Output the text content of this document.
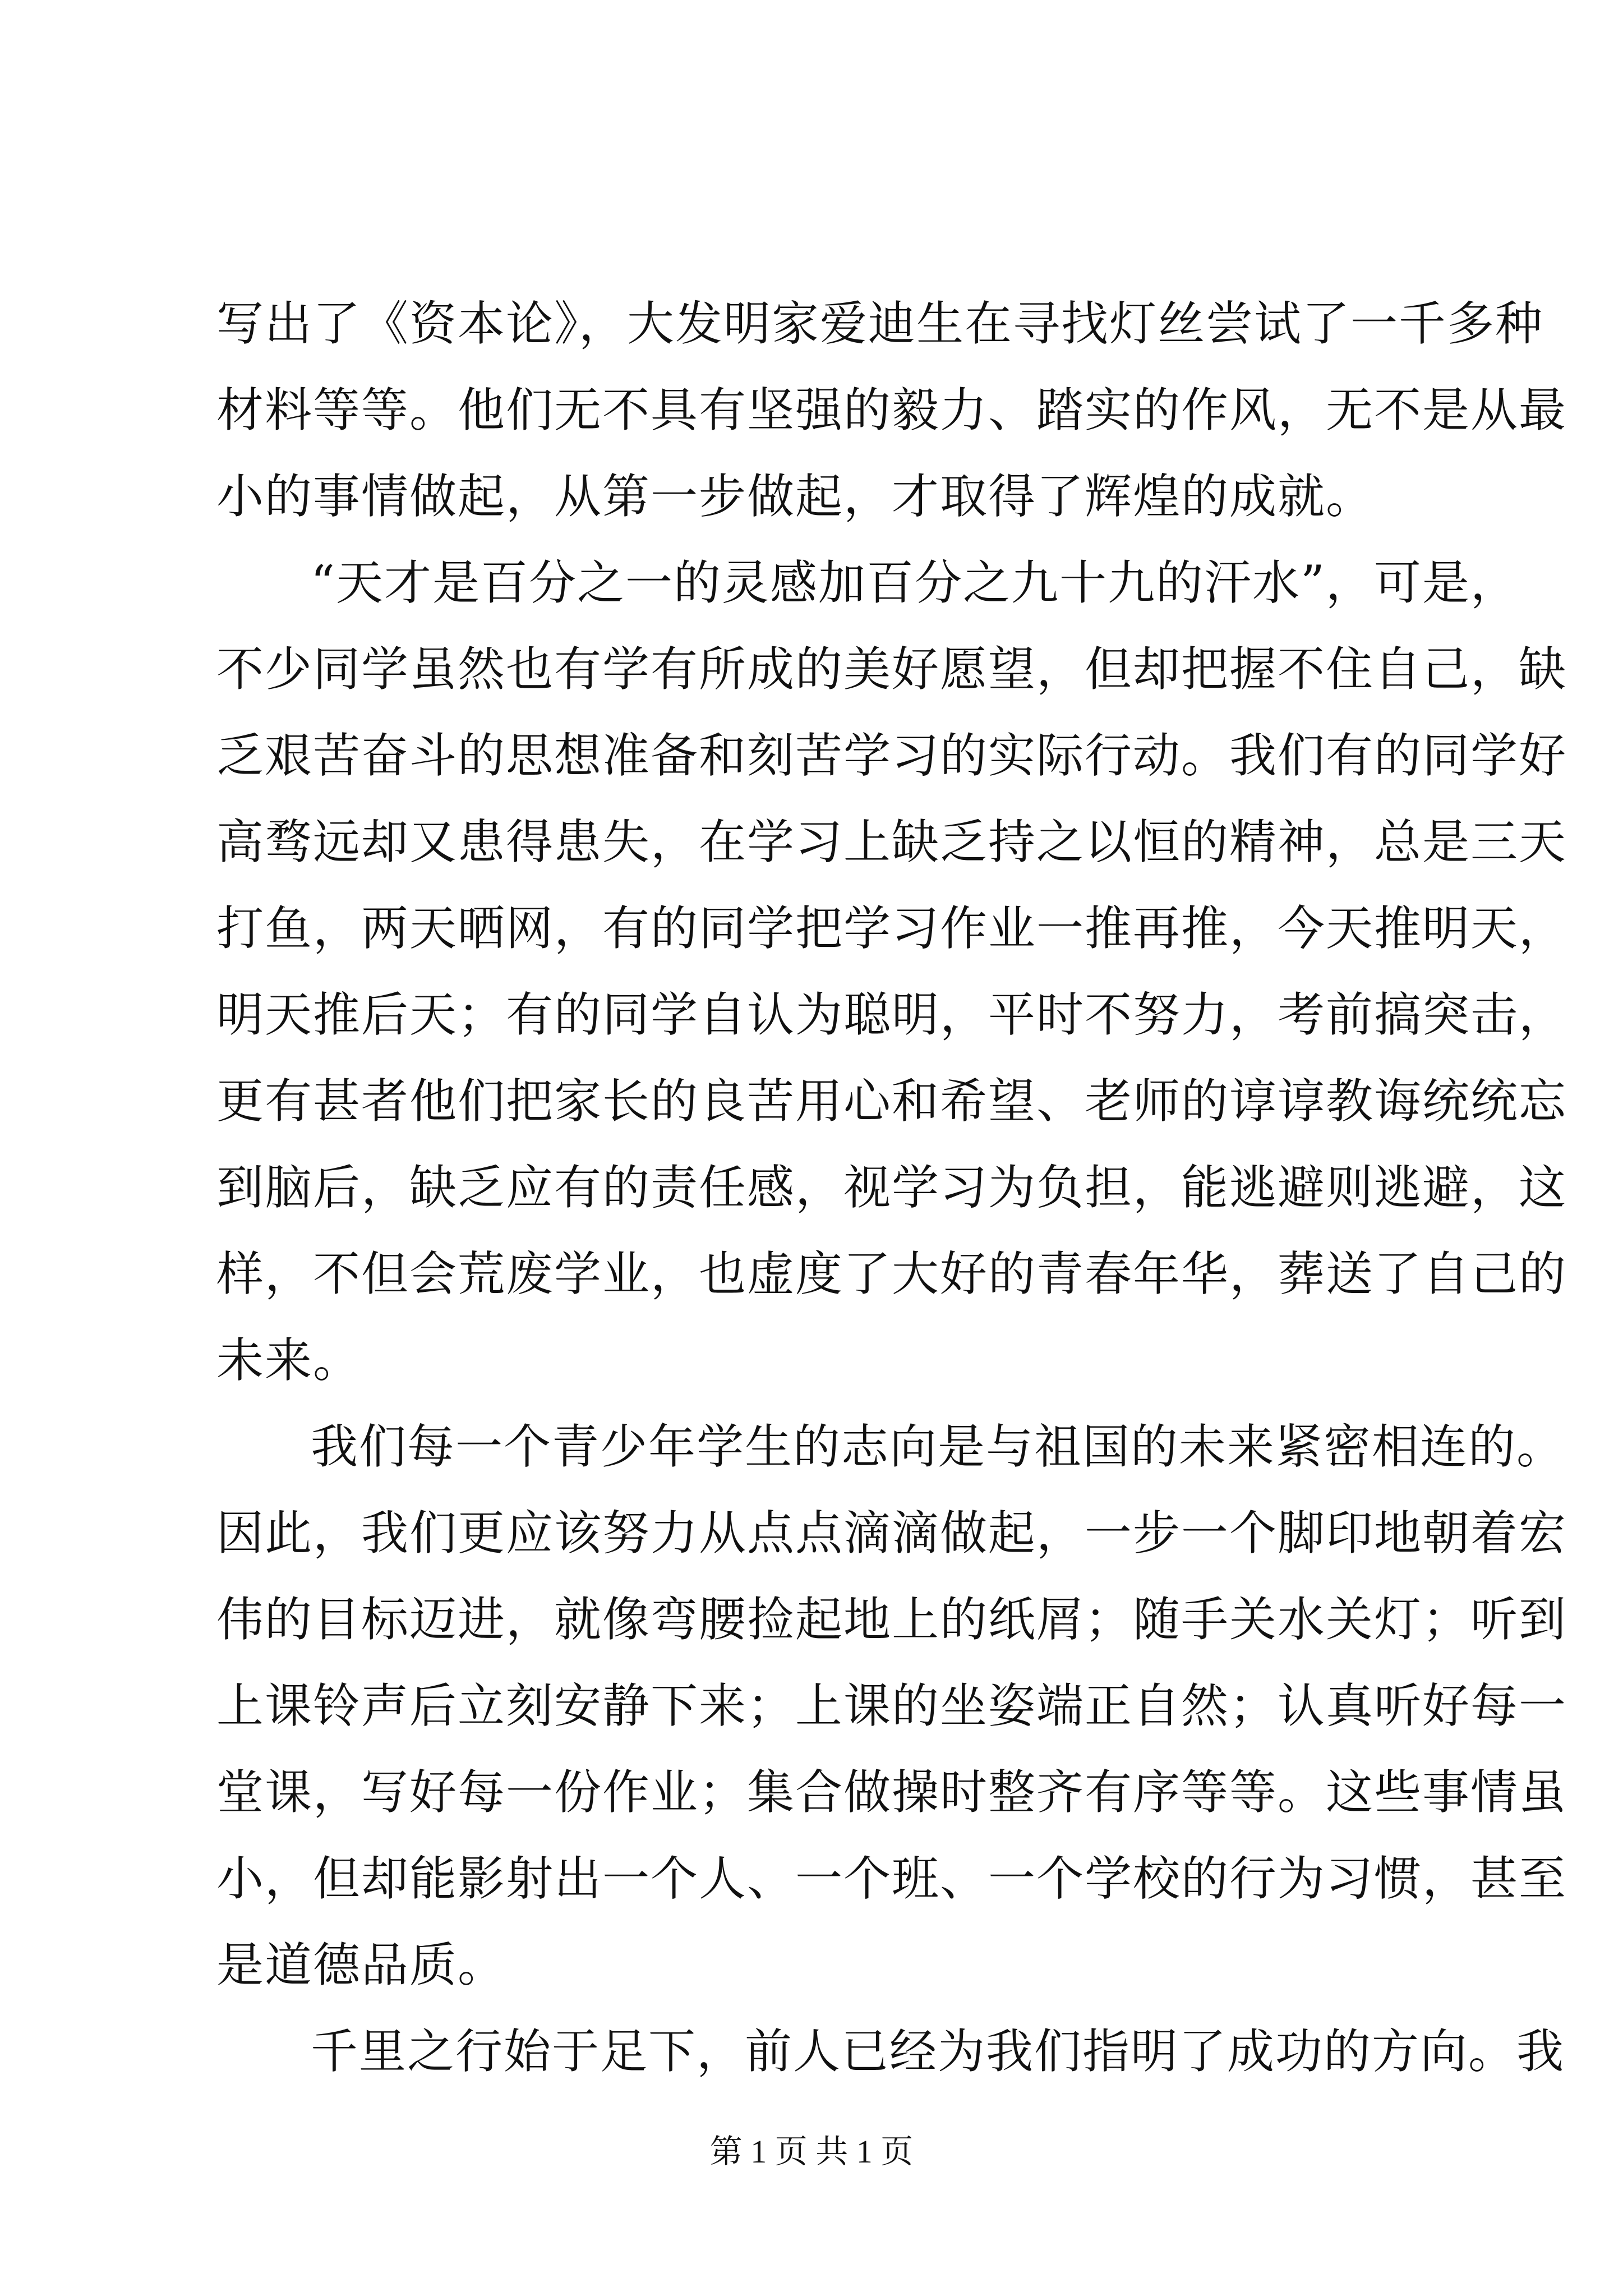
写出了《资本论》，大发明家爱迪生在寻找灯丝尝试了一千多种
材料等等。他们无不具有坚强的毅力、踏实的作风，无不是从最
小的事情做起，从第一步做起，才取得了辉煌的成就。

“天才是百分之一的灵感加百分之九十九的汗水”，可是，
不少同学虽然也有学有所成的美好愿望，但却把握不住自己，缺
乏艰苦奋斗的思想准备和刻苦学习的实际行动。我们有的同学好
高骛远却又患得患失，在学习上缺乏持之以恒的精神，总是三天
打鱼，两天晒网，有的同学把学习作业一推再推，今天推明天，
明天推后天；有的同学自认为聪明，平时不努力，考前搞突击，
更有甚者他们把家长的良苦用心和希望、老师的谆谆教诲统统忘
到脑后，缺乏应有的责任感，视学习为负担，能逃避则逃避，这
样，不但会荒废学业，也虚度了大好的青春年华，葬送了自己的
未来。

我们每一个青少年学生的志向是与祖国的未来紧密相连的。
因此，我们更应该努力从点点滴滴做起，一步一个脚印地朝着宏
伟的目标迈进，就像弯腰捡起地上的纸屑；随手关水关灯；听到
上课铃声后立刻安静下来；上课的坐姿端正自然；认真听好每一
堂课，写好每一份作业；集合做操时整齐有序等等。这些事情虽
小，但却能影射出一个人、一个班、一个学校的行为习惯，甚至
是道德品质。

千里之行始于足下，前人已经为我们指明了成功的方向。我

第 1 页 共 1 页
